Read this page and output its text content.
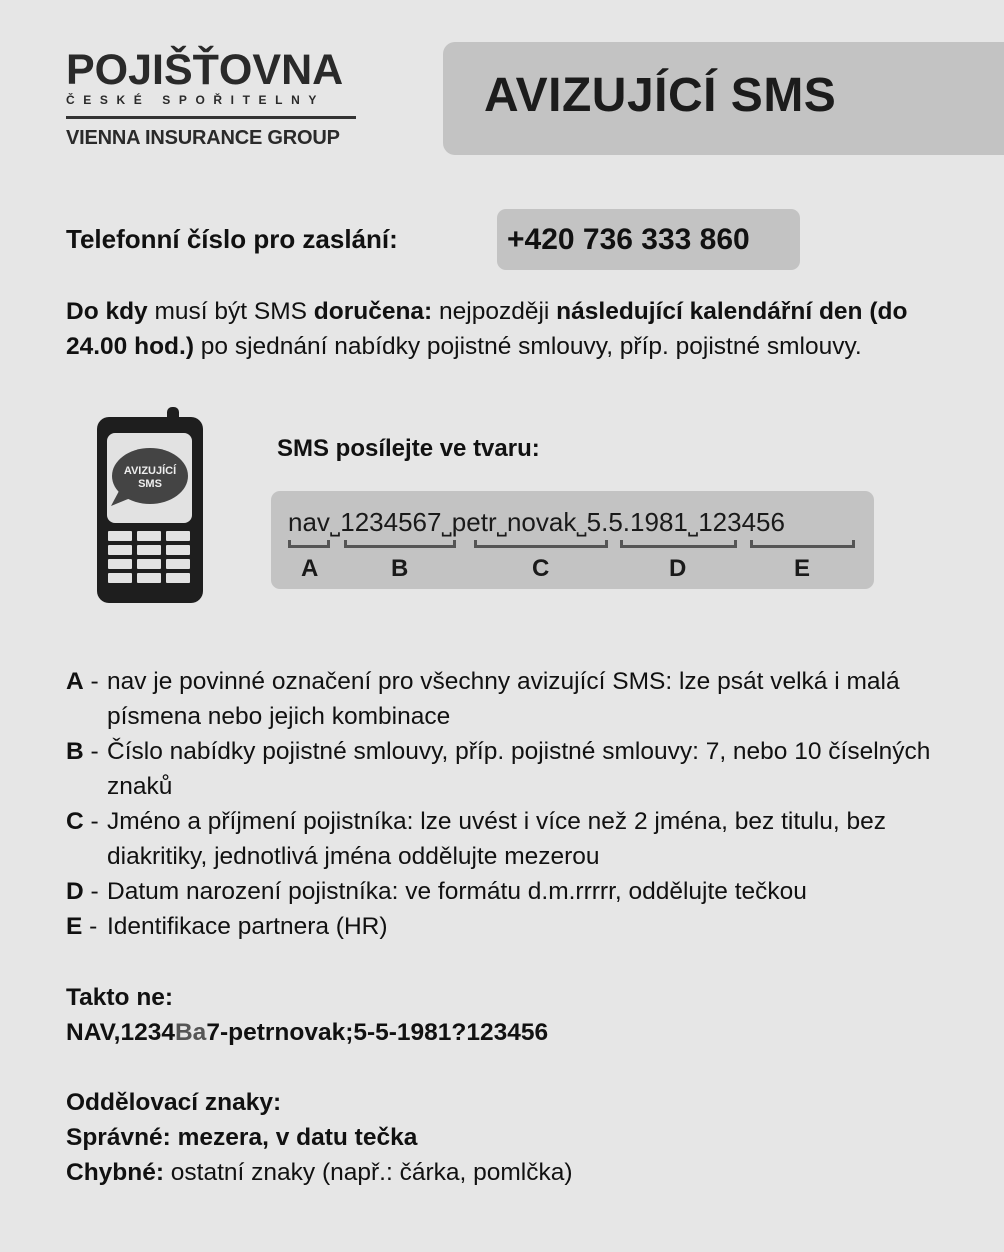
POJIŠŤOVNA
ČESKÉ SPOŘITELNY
VIENNA INSURANCE GROUP
AVIZUJÍCÍ SMS
Telefonní číslo pro zaslání:	+420 736 333 860
Do kdy musí být SMS doručena: nejpozději následující kalendářní den (do 24.00 hod.) po sjednání nabídky pojistné smlouvy, příp. pojistné smlouvy.
AVIZUJÍCÍ
SMS
SMS posílejte ve tvaru:
nav˽1234567˽petr˽novak˽5.5.1981˽123456
A	B	C	D	E
A - nav je povinné označení pro všechny avizující SMS: lze psát velká i malá písmena nebo jejich kombinace
B - Číslo nabídky pojistné smlouvy, příp. pojistné smlouvy: 7, nebo 10 číselných znaků
C - Jméno a příjmení pojistníka: lze uvést i více než 2 jména, bez titulu, bez diakritiky, jednotlivá jména oddělujte mezerou
D - Datum narození pojistníka: ve formátu d.m.rrrrr, oddělujte tečkou
E - Identifikace partnera (HR)
Takto ne:
NAV,1234Ba7-petrnovak;5-5-1981?123456
Oddělovací znaky:
Správné: mezera, v datu tečka
Chybné: ostatní znaky (např.: čárka, pomlčka)
